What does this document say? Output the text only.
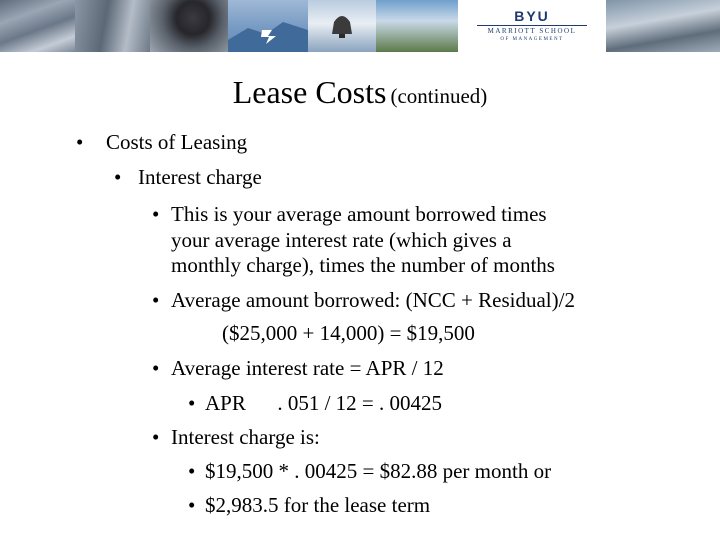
BYU
MARRIOTT SCHOOL
OF MANAGEMENT
Lease Costs (continued)
• Costs of Leasing
• Interest charge
• This is your average amount borrowed times
your average interest rate (which gives a
monthly charge), times the number of months
• Average amount borrowed: (NCC + Residual)/2
($25,000 + 14,000) = $19,500
• Average interest rate = APR / 12
• APR      . 051 / 12 = . 00425
• Interest charge is:
• $19,500 * . 00425 = $82.88 per month or
• $2,983.5 for the lease term
